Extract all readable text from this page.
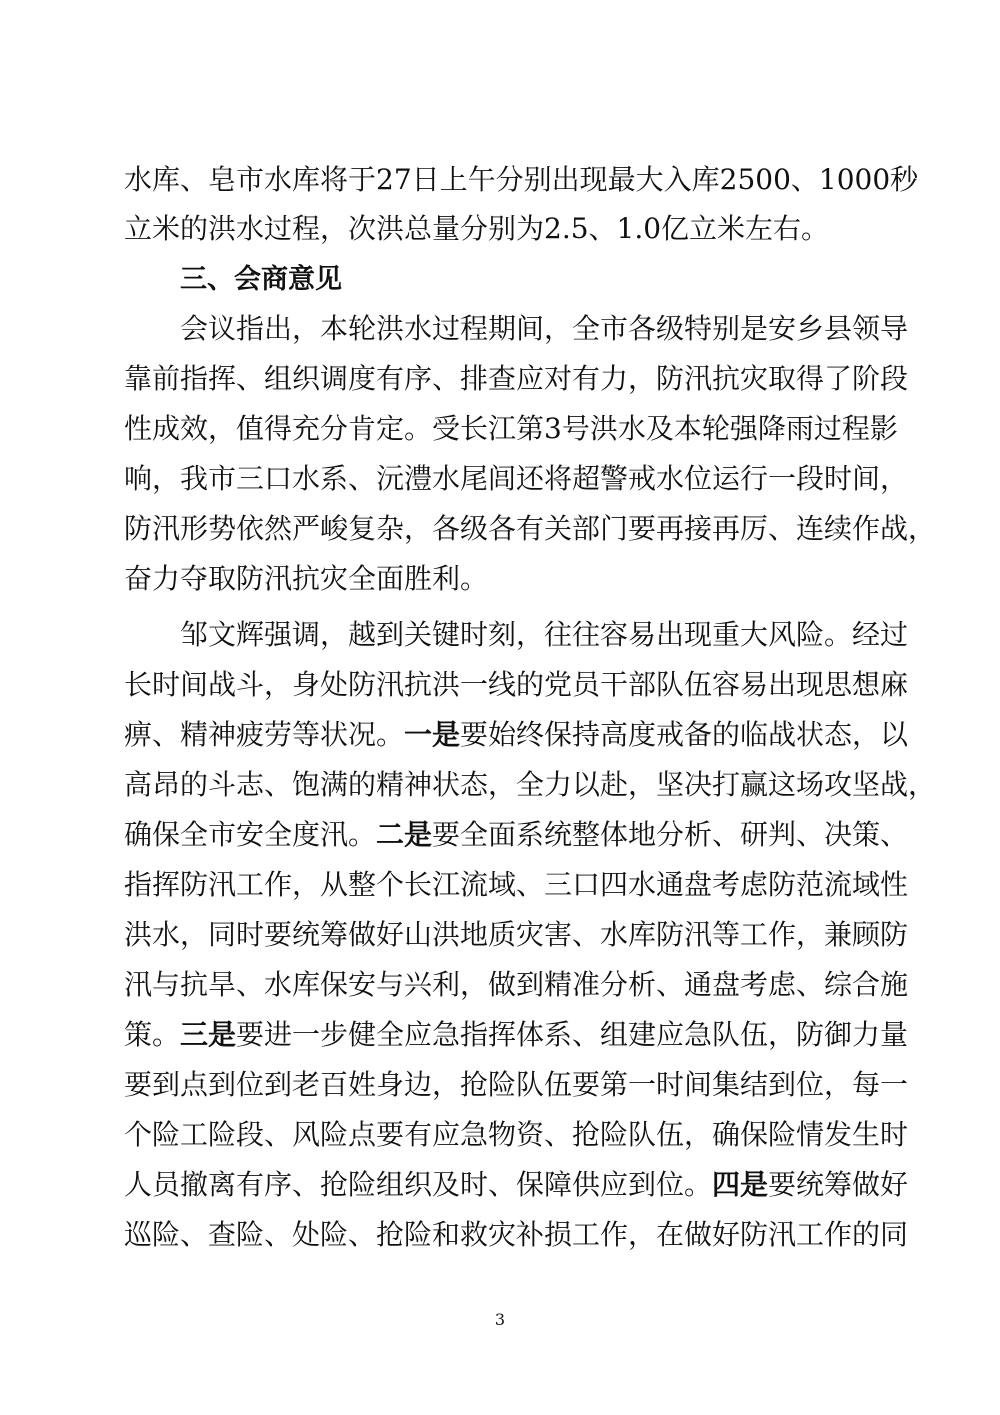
水库、皂市水库将于27日上午分别出现最大入库2500、1000秒
立米的洪水过程，次洪总量分别为2.5、1.0亿立米左右。
三、会商意见
会议指出，本轮洪水过程期间，全市各级特别是安乡县领导
靠前指挥、组织调度有序、排查应对有力，防汛抗灾取得了阶段
性成效，值得充分肯定。受长江第3号洪水及本轮强降雨过程影
响，我市三口水系、沅澧水尾闾还将超警戒水位运行一段时间，
防汛形势依然严峻复杂，各级各有关部门要再接再厉、连续作战，
奋力夺取防汛抗灾全面胜利。
邹文辉强调，越到关键时刻，往往容易出现重大风险。经过
长时间战斗，身处防汛抗洪一线的党员干部队伍容易出现思想麻
痹、精神疲劳等状况。一是要始终保持高度戒备的临战状态，以
高昂的斗志、饱满的精神状态，全力以赴，坚决打赢这场攻坚战，
确保全市安全度汛。二是要全面系统整体地分析、研判、决策、
指挥防汛工作，从整个长江流域、三口四水通盘考虑防范流域性
洪水，同时要统筹做好山洪地质灾害、水库防汛等工作，兼顾防
汛与抗旱、水库保安与兴利，做到精准分析、通盘考虑、综合施
策。三是要进一步健全应急指挥体系、组建应急队伍，防御力量
要到点到位到老百姓身边，抢险队伍要第一时间集结到位，每一
个险工险段、风险点要有应急物资、抢险队伍，确保险情发生时
人员撤离有序、抢险组织及时、保障供应到位。四是要统筹做好
巡险、查险、处险、抢险和救灾补损工作，在做好防汛工作的同
3
